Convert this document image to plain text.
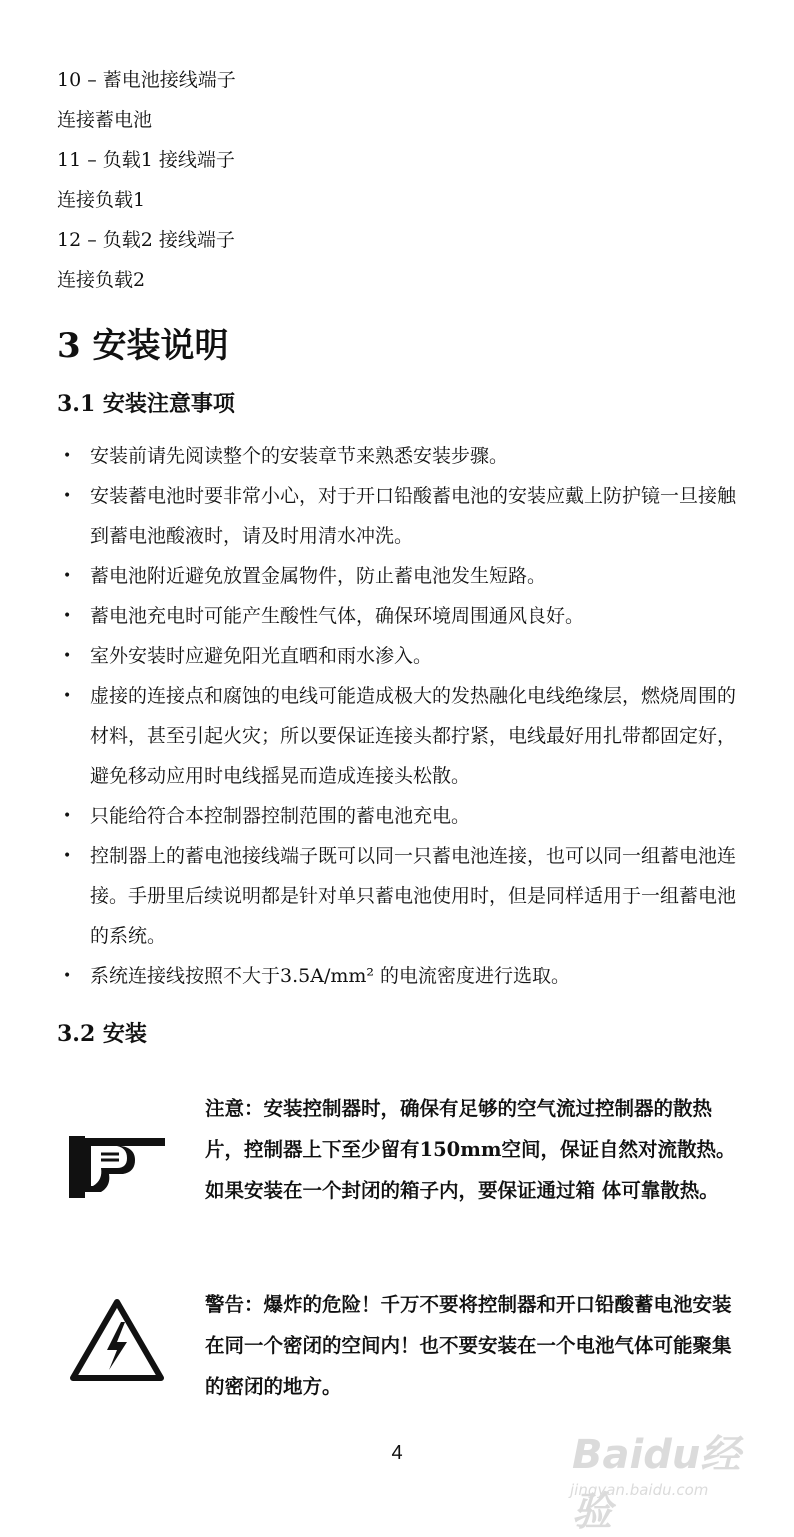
10 – 蓄电池接线端子
连接蓄电池
11 – 负载1 接线端子
连接负载1
12 – 负载2 接线端子
连接负载2
3 安装说明
3.1 安装注意事项
• 安装前请先阅读整个的安装章节来熟悉安装步骤。
• 安装蓄电池时要非常小心，对于开口铅酸蓄电池的安装应戴上防护镜一旦接触到蓄电池酸液时，请及时用清水冲洗。
• 蓄电池附近避免放置金属物件，防止蓄电池发生短路。
• 蓄电池充电时可能产生酸性气体，确保环境周围通风良好。
• 室外安装时应避免阳光直晒和雨水渗入。
• 虚接的连接点和腐蚀的电线可能造成极大的发热融化电线绝缘层，燃烧周围的材料，甚至引起火灾；所以要保证连接头都拧紧，电线最好用扎带都固定好，避免移动应用时电线摇晃而造成连接头松散。
• 只能给符合本控制器控制范围的蓄电池充电。
• 控制器上的蓄电池接线端子既可以同一只蓄电池连接，也可以同一组蓄电池连接。手册里后续说明都是针对单只蓄电池使用时，但是同样适用于一组蓄电池的系统。
• 系统连接线按照不大于3.5A/mm² 的电流密度进行选取。
3.2 安装
注意：安装控制器时，确保有足够的空气流过控制器的散热片，控制器上下至少留有150mm空间，保证自然对流散热。如果安装在一个封闭的箱子内，要保证通过箱 体可靠散热。
警告：爆炸的危险！千万不要将控制器和开口铅酸蓄电池安装在同一个密闭的空间内！也不要安装在一个电池气体可能聚集的密闭的地方。
4	Baidu经验
jingyan.baidu.com
